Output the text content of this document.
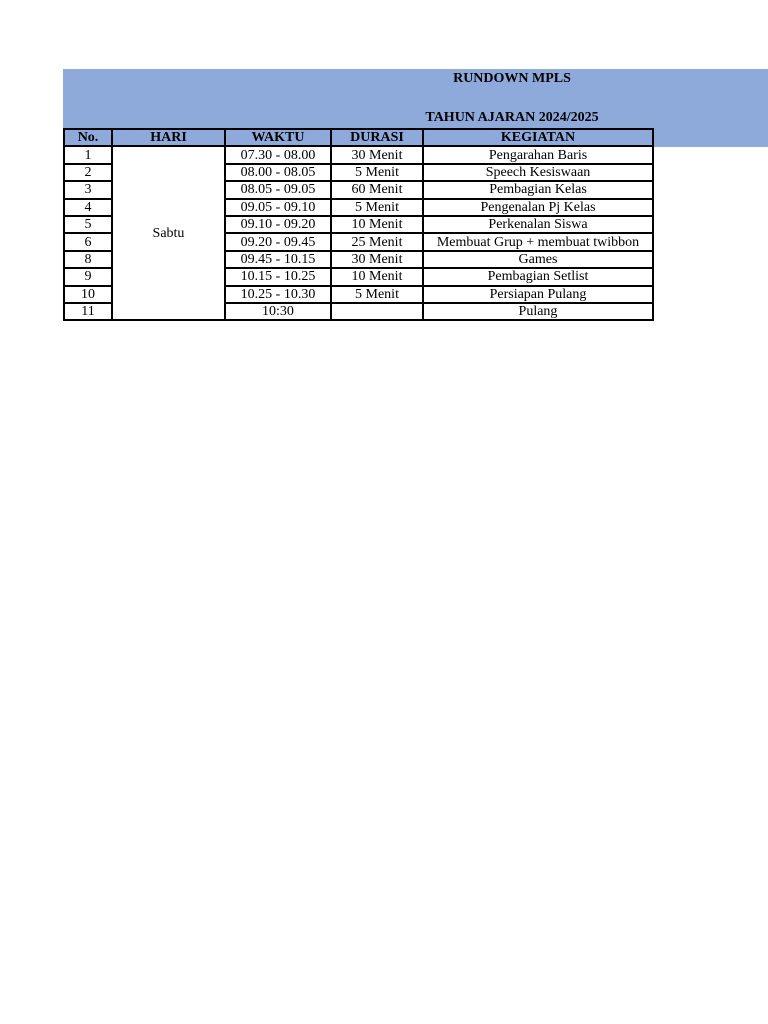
RUNDOWN MPLS
TAHUN AJARAN 2024/2025
No.	HARI	WAKTU	DURASI	KEGIATAN
1	Sabtu	07.30 - 08.00	30 Menit	Pengarahan Baris
2		08.00 - 08.05	5 Menit	Speech Kesiswaan
3		08.05 - 09.05	60 Menit	Pembagian Kelas
4		09.05 - 09.10	5 Menit	Pengenalan Pj Kelas
5		09.10 - 09.20	10 Menit	Perkenalan Siswa
6		09.20 - 09.45	25 Menit	Membuat Grup + membuat twibbon
8		09.45 - 10.15	30 Menit	Games
9		10.15 - 10.25	10 Menit	Pembagian Setlist
10		10.25 - 10.30	5 Menit	Persiapan Pulang
11		10:30		Pulang
